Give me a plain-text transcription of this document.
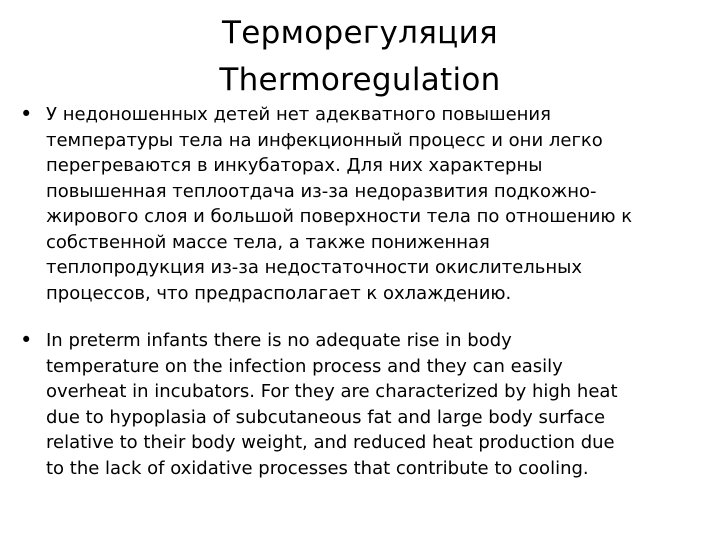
Терморегуляция
Thermoregulation
• У недоношенных детей нет адекватного повышения
температуры тела на инфекционный процесс и они легко
перегреваются в инкубаторах. Для них характерны
повышенная теплоотдача из-за недоразвития подкожно-
жирового слоя и большой поверхности тела по отношению к
собственной массе тела, а также пониженная
теплопродукция из-за недостаточности окислительных
процессов, что предрасполагает к охлаждению.
• In preterm infants there is no adequate rise in body
temperature on the infection process and they can easily
overheat in incubators. For they are characterized by high heat
due to hypoplasia of subcutaneous fat and large body surface
relative to their body weight, and reduced heat production due
to the lack of oxidative processes that contribute to cooling.
